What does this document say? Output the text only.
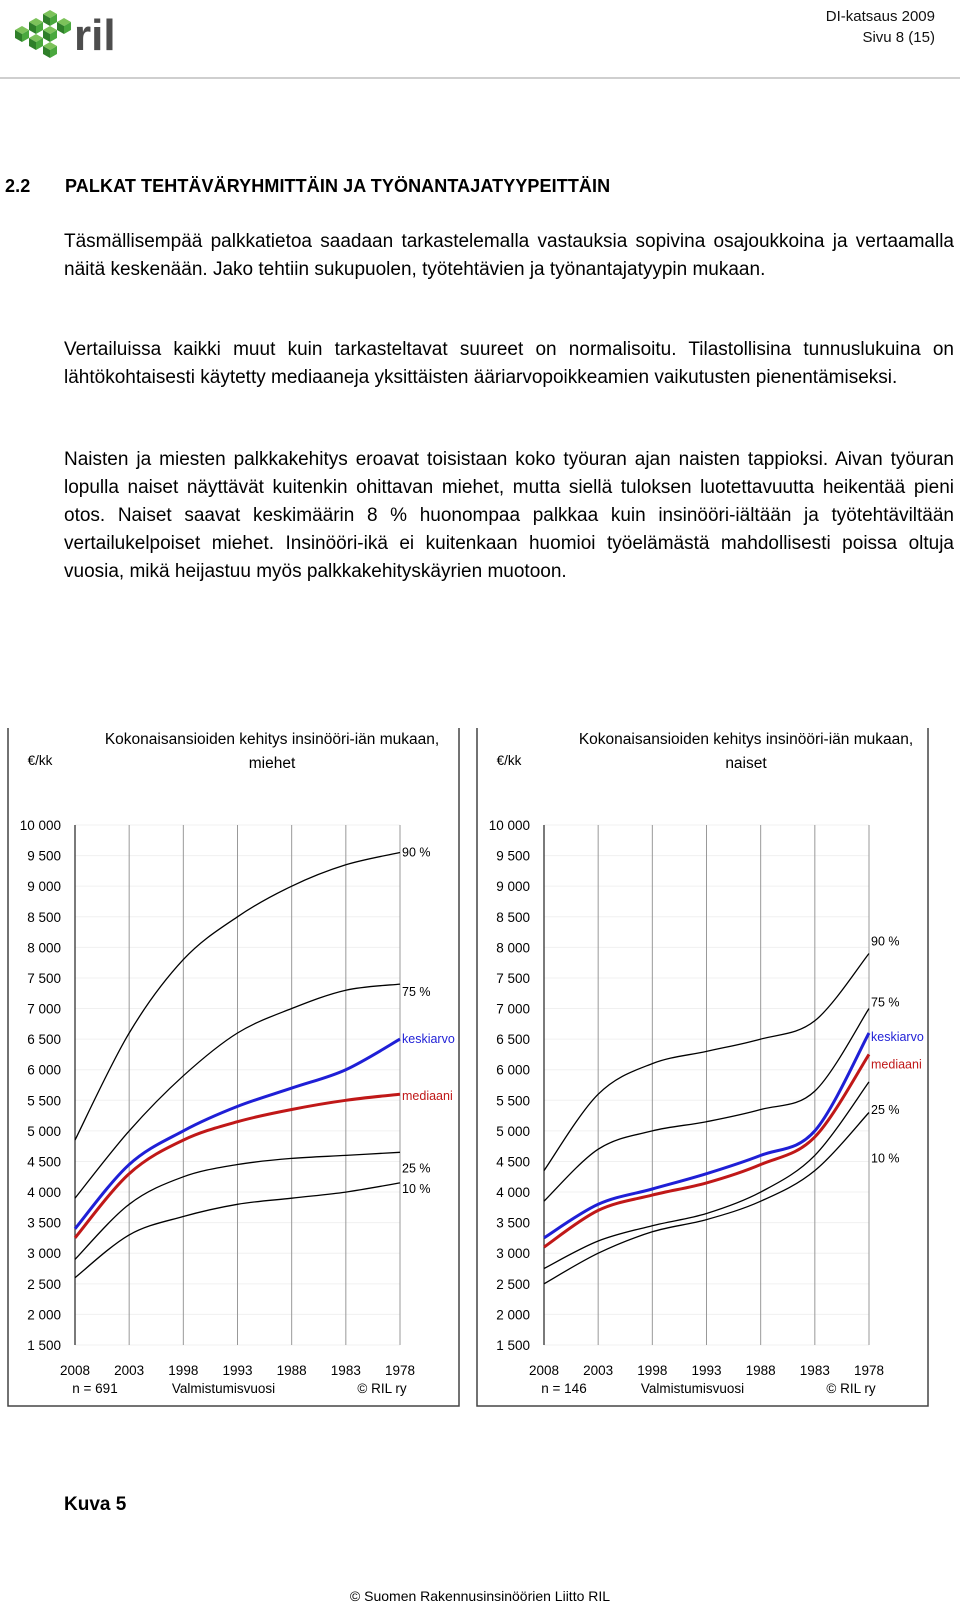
ril	DI-katsaus 2009
Sivu 8 (15)
2.2 PALKAT TEHTÄVÄRYHMITTÄIN JA TYÖNANTAJATYYPEITTÄIN

Täsmällisempää palkkatietoa saadaan tarkastelemalla vastauksia sopivina osajoukkoina ja vertaamalla näitä keskenään. Jako tehtiin sukupuolen, työtehtävien ja työnantajatyypin mukaan.

Vertailuissa kaikki muut kuin tarkasteltavat suureet on normalisoitu. Tilastollisina tunnuslukuina on lähtökohtaisesti käytetty mediaaneja yksittäisten ääriarvopoikkeamien vaikutusten pienentämiseksi.

Naisten ja miesten palkkakehitys eroavat toisistaan koko työuran ajan naisten tappioksi. Aivan työuran lopulla naiset näyttävät kuitenkin ohittavan miehet, mutta siellä tuloksen luotettavuutta heikentää pieni otos. Naiset saavat keskimäärin 8 % huonompaa palkkaa kuin insinööri-iältään ja työtehtäviltään vertailukelpoiset miehet. Insinööri-ikä ei kuitenkaan huomioi työelämästä mahdollisesti poissa oltuja vuosia, mikä heijastuu myös palkkakehityskäyrien muotoon.

Kokonaisansioiden kehitys insinööri-iän mukaan,
miehet
€/kk
1 500
2 000
2 500
3 000
3 500
4 000
4 500
5 000
5 500
6 000
6 500
7 000
7 500
8 000
8 500
9 000
9 500
10 000
2008 2003 1998 1993 1988 1983 1978
n = 691	Valmistumisvuosi	© RIL ry
90 %
75 %
keskiarvo
mediaani
25 %
10 %
Kokonaisansioiden kehitys insinööri-iän mukaan,
naiset
€/kk
1 500
2 000
2 500
3 000
3 500
4 000
4 500
5 000
5 500
6 000
6 500
7 000
7 500
8 000
8 500
9 000
9 500
10 000
2008 2003 1998 1993 1988 1983 1978
n = 146	Valmistumisvuosi	© RIL ry
90 %
75 %
keskiarvo
mediaani
25 %
10 %
Kuva 5
© Suomen Rakennusinsinöörien Liitto RIL
